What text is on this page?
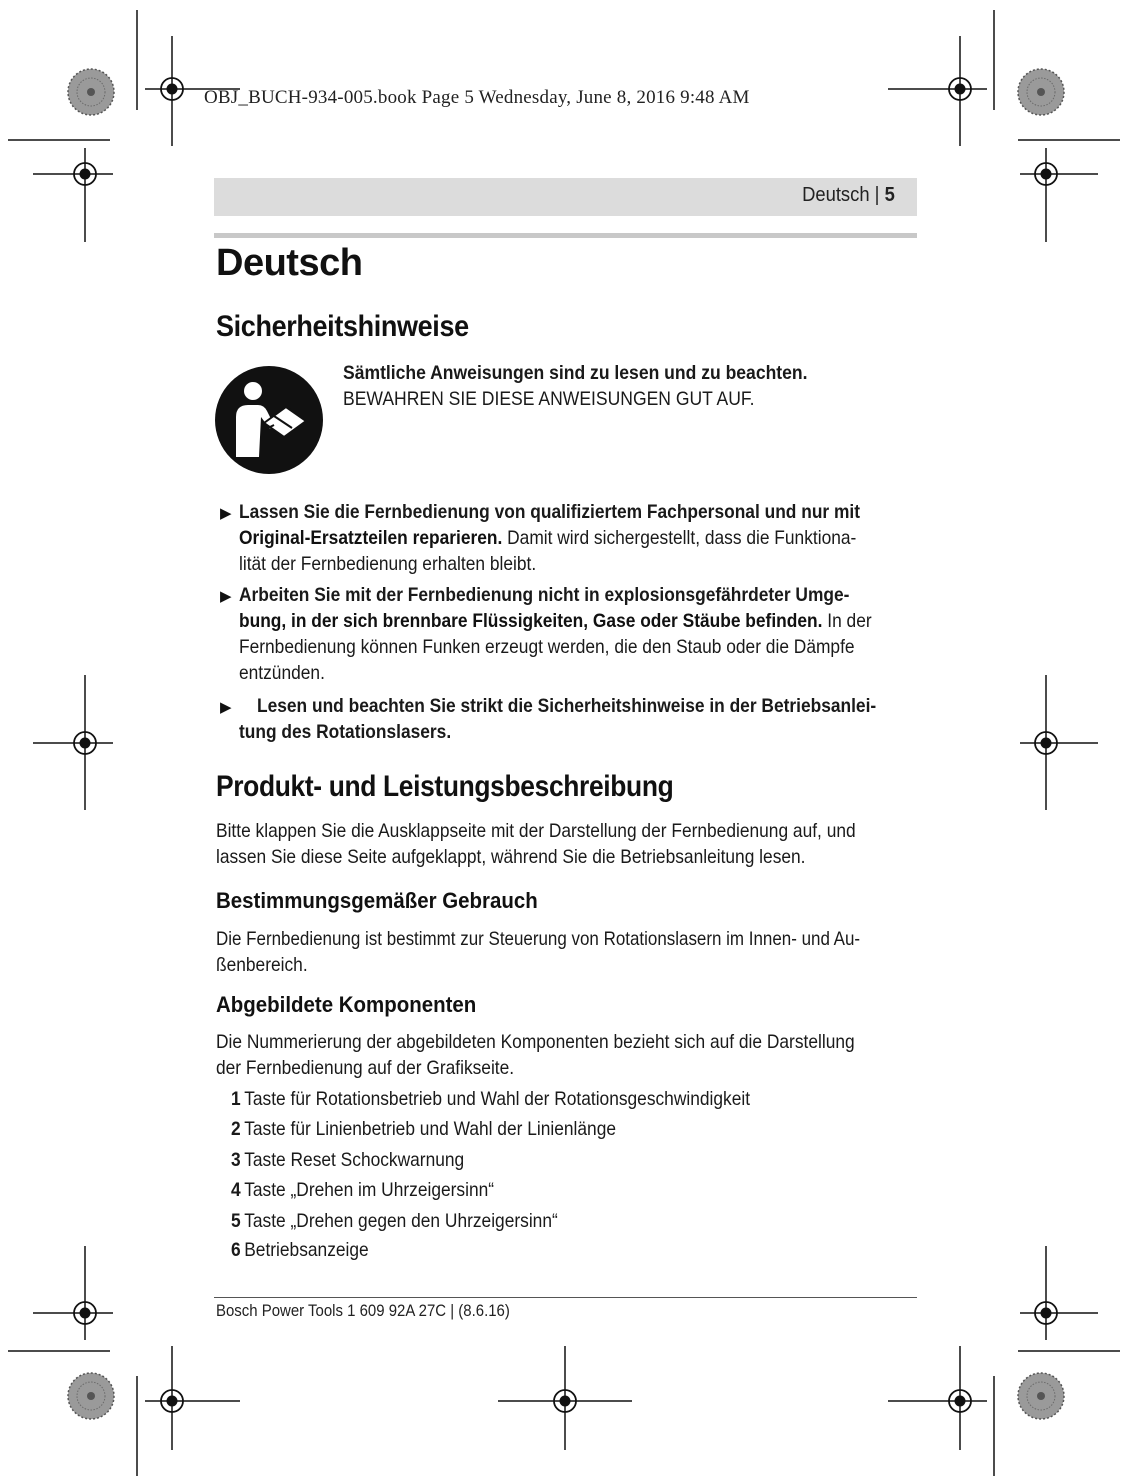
OBJ_BUCH-934-005.book Page 5 Wednesday, June 8, 2016 9:48 AM
Deutsch | 5
Deutsch
Sicherheitshinweise
Sämtliche Anweisungen sind zu lesen und zu beachten.
BEWAHREN SIE DIESE ANWEISUNGEN GUT AUF.
▶ Lassen Sie die Fernbedienung von qualifiziertem Fachpersonal und nur mit
Original-Ersatzteilen reparieren. Damit wird sichergestellt, dass die Funktiona-
lität der Fernbedienung erhalten bleibt.
▶ Arbeiten Sie mit der Fernbedienung nicht in explosionsgefährdeter Umge-
bung, in der sich brennbare Flüssigkeiten, Gase oder Stäube befinden. In der
Fernbedienung können Funken erzeugt werden, die den Staub oder die Dämpfe
entzünden.
▶ Lesen und beachten Sie strikt die Sicherheitshinweise in der Betriebsanlei-
tung des Rotationslasers.
Produkt- und Leistungsbeschreibung
Bitte klappen Sie die Ausklappseite mit der Darstellung der Fernbedienung auf, und
lassen Sie diese Seite aufgeklappt, während Sie die Betriebsanleitung lesen.
Bestimmungsgemäßer Gebrauch
Die Fernbedienung ist bestimmt zur Steuerung von Rotationslasern im Innen- und Au-
ßenbereich.
Abgebildete Komponenten
Die Nummerierung der abgebildeten Komponenten bezieht sich auf die Darstellung
der Fernbedienung auf der Grafikseite.
1 Taste für Rotationsbetrieb und Wahl der Rotationsgeschwindigkeit
2 Taste für Linienbetrieb und Wahl der Linienlänge
3 Taste Reset Schockwarnung
4 Taste „Drehen im Uhrzeigersinn“
5 Taste „Drehen gegen den Uhrzeigersinn“
6 Betriebsanzeige
Bosch Power Tools 1 609 92A 27C | (8.6.16)
